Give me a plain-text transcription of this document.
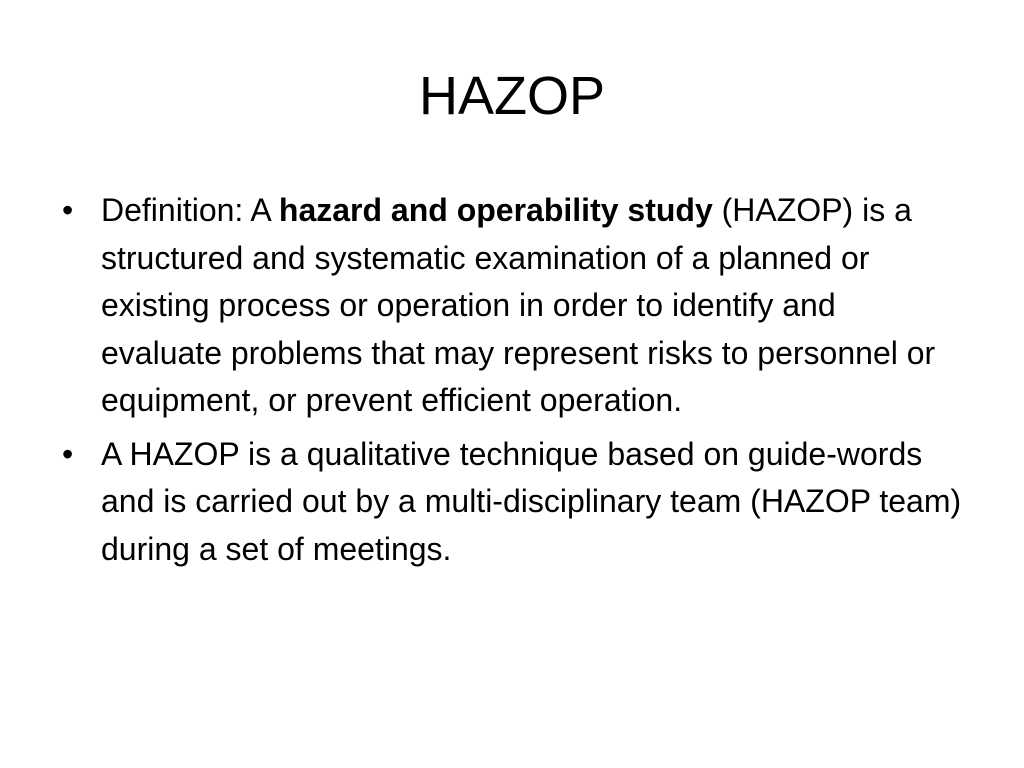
HAZOP
• Definition: A hazard and operability study (HAZOP) is a structured and systematic examination of a planned or existing process or operation in order to identify and evaluate problems that may represent risks to personnel or equipment, or prevent efficient operation.
• A HAZOP is a qualitative technique based on guide-words and is carried out by a multi-disciplinary team (HAZOP team) during a set of meetings.
